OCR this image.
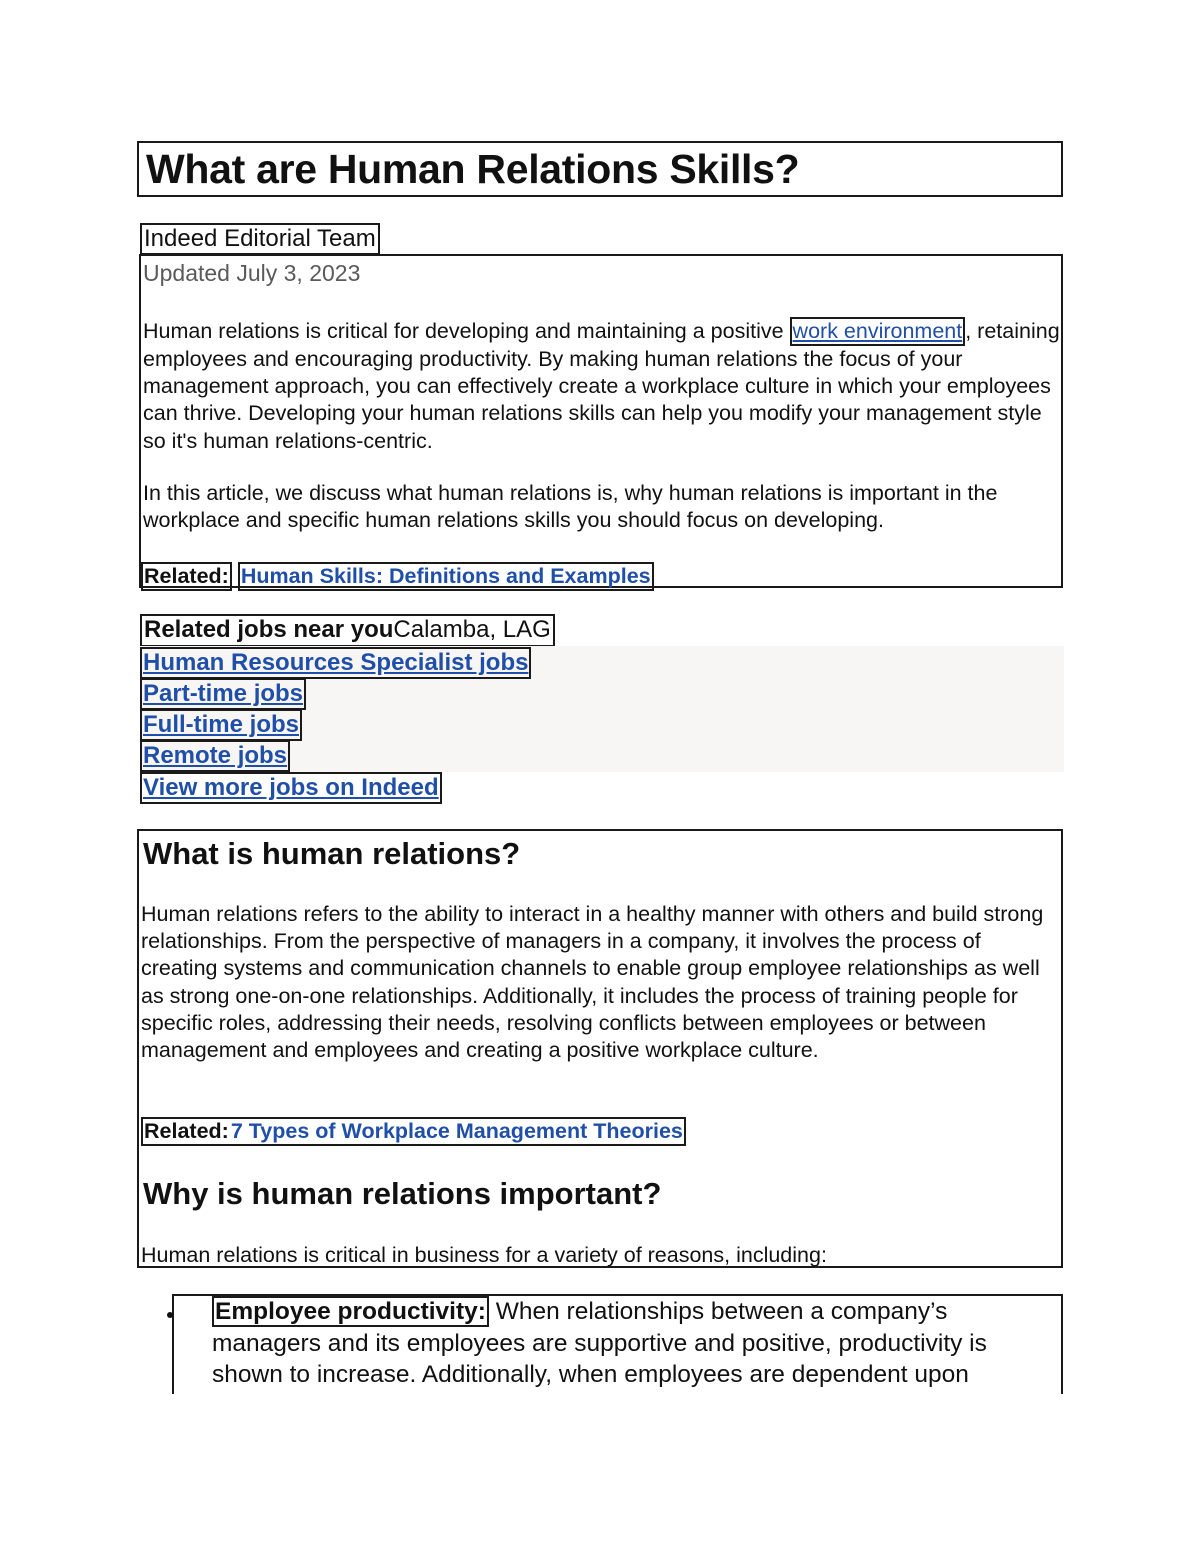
What are Human Relations Skills?
Indeed Editorial Team
Updated July 3, 2023

Human relations is critical for developing and maintaining a positive work environment , retaining employees and encouraging productivity. By making human relations the focus of your management approach, you can effectively create a workplace culture in which your employees can thrive. Developing your human relations skills can help you modify your management style so it's human relations-centric.

In this article, we discuss what human relations is, why human relations is important in the workplace and specific human relations skills you should focus on developing.

Related: Human Skills: Definitions and Examples
Related jobs near youCalamba, LAG
Human Resources Specialist jobs
Part-time jobs
Full-time jobs
Remote jobs
View more jobs on Indeed
What is human relations?

Human relations refers to the ability to interact in a healthy manner with others and build strong relationships. From the perspective of managers in a company, it involves the process of creating systems and communication channels to enable group employee relationships as well as strong one-on-one relationships. Additionally, it includes the process of training people for specific roles, addressing their needs, resolving conflicts between employees or between management and employees and creating a positive workplace culture.

Related:7 Types of Workplace Management Theories
Why is human relations important?

Human relations is critical in business for a variety of reasons, including:

Employee productivity: When relationships between a company’s managers and its employees are supportive and positive, productivity is shown to increase. Additionally, when employees are dependent upon
